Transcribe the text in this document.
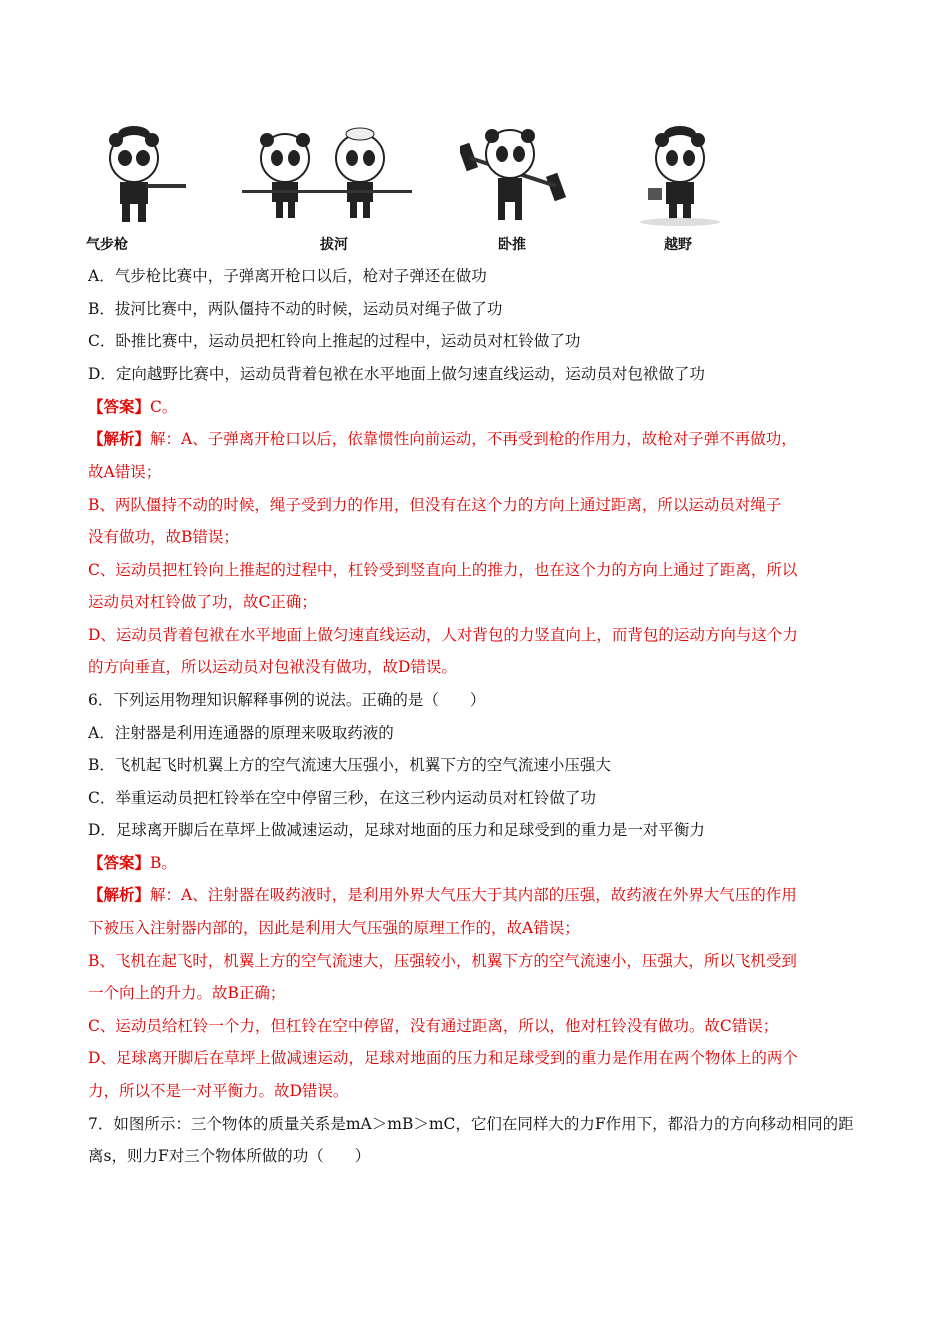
气步枪	拔河	卧推	越野
A．气步枪比赛中，子弹离开枪口以后，枪对子弹还在做功
B．拔河比赛中，两队僵持不动的时候，运动员对绳子做了功
C．卧推比赛中，运动员把杠铃向上推起的过程中，运动员对杠铃做了功
D．定向越野比赛中，运动员背着包袱在水平地面上做匀速直线运动，运动员对包袱做了功
【答案】C。
【解析】解：A、子弹离开枪口以后，依靠惯性向前运动，不再受到枪的作用力，故枪对子弹不再做功，
故A错误；
B、两队僵持不动的时候，绳子受到力的作用，但没有在这个力的方向上通过距离，所以运动员对绳子
没有做功，故B错误；
C、运动员把杠铃向上推起的过程中，杠铃受到竖直向上的推力，也在这个力的方向上通过了距离，所以
运动员对杠铃做了功，故C正确；
D、运动员背着包袱在水平地面上做匀速直线运动，人对背包的力竖直向上，而背包的运动方向与这个力
的方向垂直，所以运动员对包袱没有做功，故D错误。
6．下列运用物理知识解释事例的说法。正确的是（　　）
A．注射器是利用连通器的原理来吸取药液的
B．飞机起飞时机翼上方的空气流速大压强小，机翼下方的空气流速小压强大
C．举重运动员把杠铃举在空中停留三秒，在这三秒内运动员对杠铃做了功
D．足球离开脚后在草坪上做减速运动，足球对地面的压力和足球受到的重力是一对平衡力
【答案】B。
【解析】解：A、注射器在吸药液时，是利用外界大气压大于其内部的压强，故药液在外界大气压的作用
下被压入注射器内部的，因此是利用大气压强的原理工作的，故A错误；
B、飞机在起飞时，机翼上方的空气流速大，压强较小，机翼下方的空气流速小，压强大，所以飞机受到
一个向上的升力。故B正确；
C、运动员给杠铃一个力，但杠铃在空中停留，没有通过距离，所以，他对杠铃没有做功。故C错误；
D、足球离开脚后在草坪上做减速运动，足球对地面的压力和足球受到的重力是作用在两个物体上的两个
力，所以不是一对平衡力。故D错误。
7．如图所示：三个物体的质量关系是mA＞mB＞mC，它们在同样大的力F作用下，都沿力的方向移动相同的距
离s，则力F对三个物体所做的功（　　）
